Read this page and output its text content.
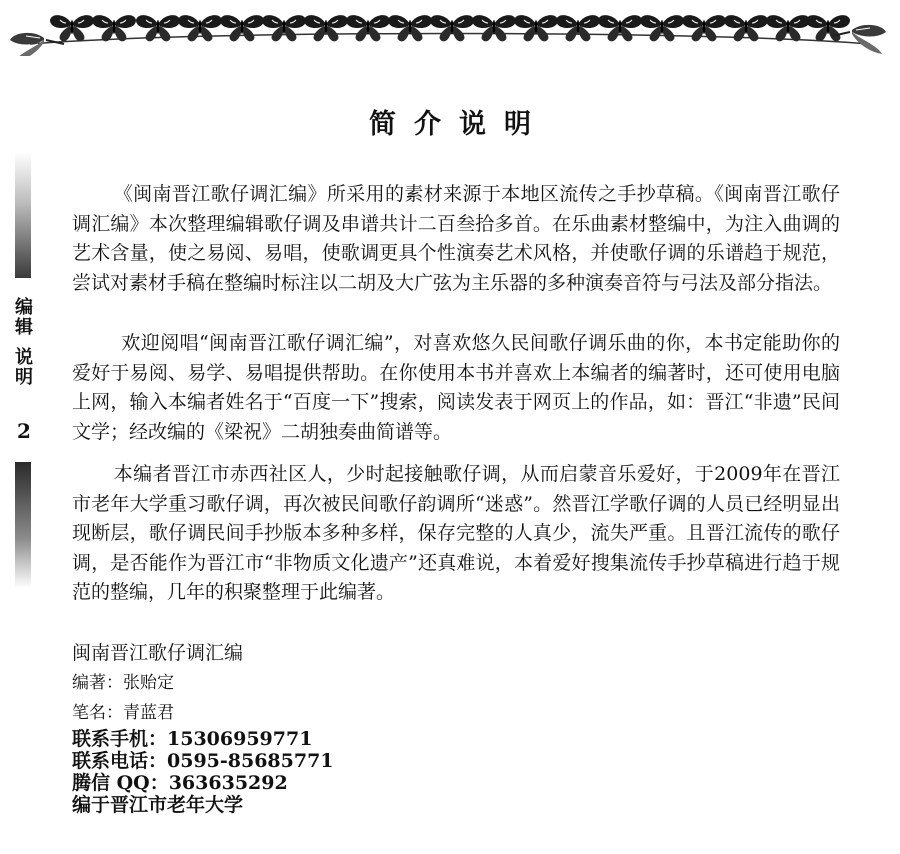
编
辑
说
明
2
简介说明

《闽南晋江歌仔调汇编》所采用的素材来源于本地区流传之手抄草稿。《闽南晋江歌仔调汇编》本次整理编辑歌仔调及串谱共计二百叁拾多首。在乐曲素材整编中，为注入曲调的艺术含量，使之易阅、易唱，使歌调更具个性演奏艺术风格，并使歌仔调的乐谱趋于规范，尝试对素材手稿在整编时标注以二胡及大广弦为主乐器的多种演奏音符与弓法及部分指法。

欢迎阅唱“闽南晋江歌仔调汇编”，对喜欢悠久民间歌仔调乐曲的你，本书定能助你的爱好于易阅、易学、易唱提供帮助。在你使用本书并喜欢上本编者的编著时，还可使用电脑上网，输入本编者姓名于“百度一下”搜索，阅读发表于网页上的作品，如：晋江“非遗”民间文学；经改编的《梁祝》二胡独奏曲简谱等。

本编者晋江市赤西社区人，少时起接触歌仔调，从而启蒙音乐爱好，于2009年在晋江市老年大学重习歌仔调，再次被民间歌仔韵调所“迷惑”。然晋江学歌仔调的人员已经明显出现断层，歌仔调民间手抄版本多种多样，保存完整的人真少，流失严重。且晋江流传的歌仔调，是否能作为晋江市“非物质文化遗产”还真难说，本着爱好搜集流传手抄草稿进行趋于规范的整编，几年的积聚整理于此编著。

闽南晋江歌仔调汇编
编著：张贻定
笔名：青蓝君
联系手机：15306959771
联系电话：0595-85685771
腾信 QQ：363635292
编于晋江市老年大学
